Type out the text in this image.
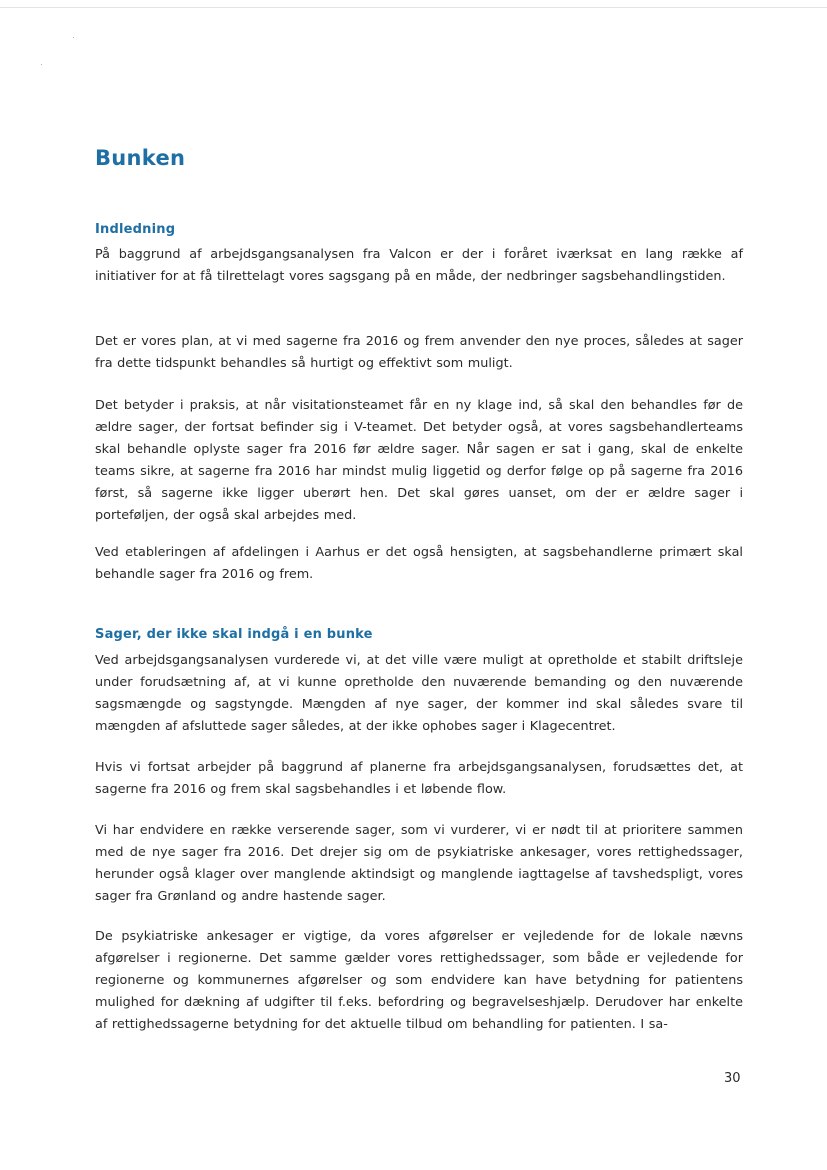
Bunken
Indledning

På baggrund af arbejdsgangsanalysen fra Valcon er der i foråret iværksat en lang række af initiativer for at få tilrettelagt vores sagsgang på en måde, der nedbringer sagsbehandlingstiden.

Det er vores plan, at vi med sagerne fra 2016 og frem anvender den nye proces, således at sager fra dette tidspunkt behandles så hurtigt og effektivt som muligt.

Det betyder i praksis, at når visitationsteamet får en ny klage ind, så skal den behandles før de ældre sager, der fortsat befinder sig i V-teamet. Det betyder også, at vores sagsbehandlerteams skal behandle oplyste sager fra 2016 før ældre sager. Når sagen er sat i gang, skal de enkelte teams sikre, at sagerne fra 2016 har mindst mulig liggetid og derfor følge op på sagerne fra 2016 først, så sagerne ikke ligger uberørt hen. Det skal gøres uanset, om der er ældre sager i porteføljen, der også skal arbejdes med.

Ved etableringen af afdelingen i Aarhus er det også hensigten, at sagsbehandlerne primært skal behandle sager fra 2016 og frem.

Sager, der ikke skal indgå i en bunke

Ved arbejdsgangsanalysen vurderede vi, at det ville være muligt at opretholde et stabilt driftsleje under forudsætning af, at vi kunne opretholde den nuværende bemanding og den nuværende sagsmængde og sagstyngde. Mængden af nye sager, der kommer ind skal således svare til mængden af afsluttede sager således, at der ikke ophobes sager i Klagecentret.

Hvis vi fortsat arbejder på baggrund af planerne fra arbejdsgangsanalysen, forudsættes det, at sagerne fra 2016 og frem skal sagsbehandles i et løbende flow.

Vi har endvidere en række verserende sager, som vi vurderer, vi er nødt til at prioritere sammen med de nye sager fra 2016. Det drejer sig om de psykiatriske ankesager, vores rettighedssager, herunder også klager over manglende aktindsigt og manglende iagttagelse af tavshedspligt, vores sager fra Grønland og andre hastende sager.

De psykiatriske ankesager er vigtige, da vores afgørelser er vejledende for de lokale nævns afgørelser i regionerne. Det samme gælder vores rettighedssager, som både er vejledende for regionerne og kommunernes afgørelser og som endvidere kan have betydning for patientens mulighed for dækning af udgifter til f.eks. befordring og begravelseshjælp. Derudover har enkelte af rettighedssagerne betydning for det aktuelle tilbud om behandling for patienten. I sa-

30
